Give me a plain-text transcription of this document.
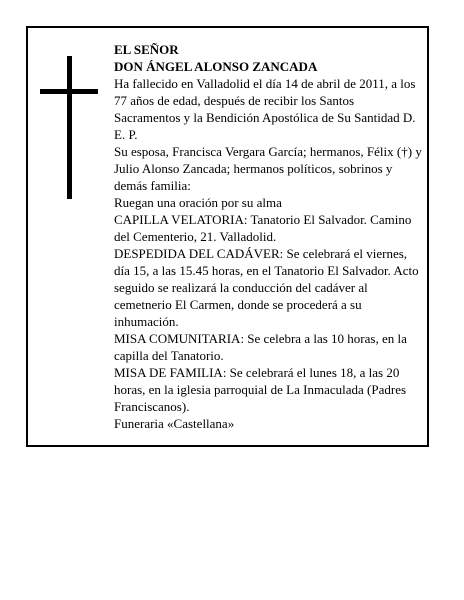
EL SEÑOR

DON ÁNGEL ALONSO ZANCADA

Ha fallecido en Valladolid el día 14 de abril de 2011, a los 77 años de edad, después de recibir los Santos Sacramentos y la Bendición Apostólica de Su Santidad D. E. P.

Su esposa, Francisca Vergara García; hermanos, Félix (†) y Julio Alonso Zancada; hermanos políticos, sobrinos y demás familia:

Ruegan una oración por su alma

CAPILLA VELATORIA: Tanatorio El Salvador. Camino del Cementerio, 21. Valladolid.

DESPEDIDA DEL CADÁVER: Se celebrará el viernes, día 15, a las 15.45 horas, en el Tanatorio El Salvador. Acto seguido se realizará la conducción del cadáver al cemetnerio El Carmen, donde se procederá a su inhumación.

MISA COMUNITARIA: Se celebra a las 10 horas, en la capilla del Tanatorio.

MISA DE FAMILIA: Se celebrará el lunes 18, a las 20 horas, en la iglesia parroquial de La Inmaculada (Padres Franciscanos).

Funeraria «Castellana»
